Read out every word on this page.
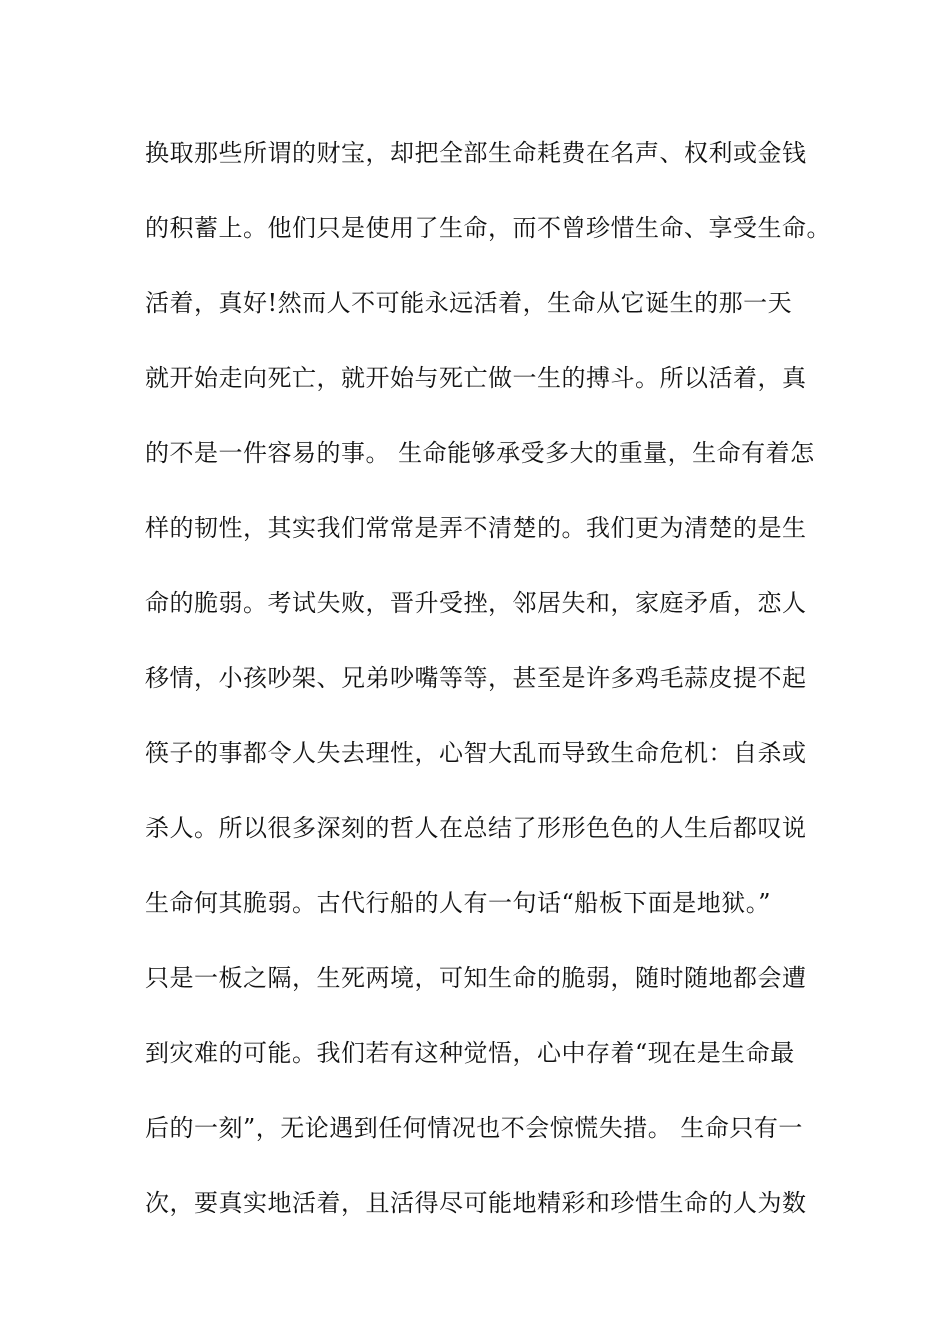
换取那些所谓的财宝，却把全部生命耗费在名声、权利或金钱
的积蓄上。他们只是使用了生命，而不曾珍惜生命、享受生命。
活着，真好!然而人不可能永远活着，生命从它诞生的那一天
就开始走向死亡，就开始与死亡做一生的搏斗。所以活着，真
的不是一件容易的事。 生命能够承受多大的重量，生命有着怎
样的韧性，其实我们常常是弄不清楚的。我们更为清楚的是生
命的脆弱。考试失败，晋升受挫，邻居失和，家庭矛盾，恋人
移情，小孩吵架、兄弟吵嘴等等，甚至是许多鸡毛蒜皮提不起
筷子的事都令人失去理性，心智大乱而导致生命危机：自杀或
杀人。所以很多深刻的哲人在总结了形形色色的人生后都叹说
生命何其脆弱。古代行船的人有一句话“船板下面是地狱。”
只是一板之隔，生死两境，可知生命的脆弱，随时随地都会遭
到灾难的可能。我们若有这种觉悟，心中存着“现在是生命最
后的一刻”，无论遇到任何情况也不会惊慌失措。 生命只有一
次，要真实地活着，且活得尽可能地精彩和珍惜生命的人为数
